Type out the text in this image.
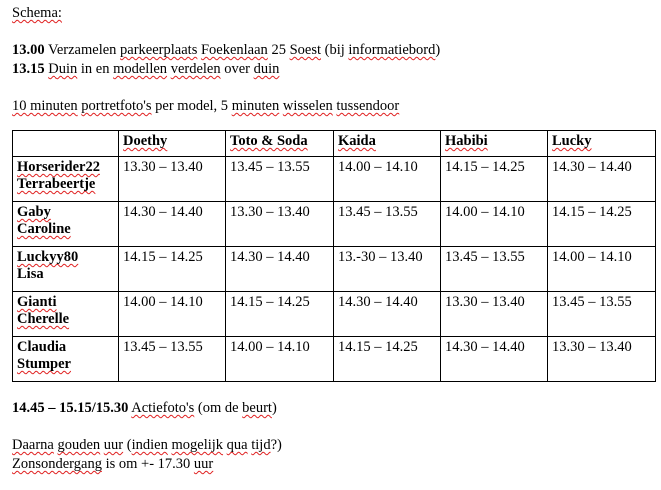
Schema:
13.00 Verzamelen parkeerplaats Foekenlaan 25 Soest (bij informatiebord)
13.15 Duin in en modellen verdelen over duin
10 minuten portretfoto's per model, 5 minuten wisselen tussendoor
	Doethy	Toto & Soda	Kaida	Habibi	Lucky
Horserider22
Terrabeertje	13.30 – 13.40	13.45 – 13.55	14.00 – 14.10	14.15 – 14.25	14.30 – 14.40
Gaby
Caroline	14.30 – 14.40	13.30 – 13.40	13.45 – 13.55	14.00 – 14.10	14.15 – 14.25
Luckyy80
Lisa	14.15 – 14.25	14.30 – 14.40	13.-30 – 13.40	13.45 – 13.55	14.00 – 14.10
Gianti
Cherelle	14.00 – 14.10	14.15 – 14.25	14.30 – 14.40	13.30 – 13.40	13.45 – 13.55
Claudia
Stumper	13.45 – 13.55	14.00 – 14.10	14.15 – 14.25	14.30 – 14.40	13.30 – 13.40
14.45 – 15.15/15.30 Actiefoto's (om de beurt)
Daarna gouden uur (indien mogelijk qua tijd?)
Zonsondergang is om +- 17.30 uur
